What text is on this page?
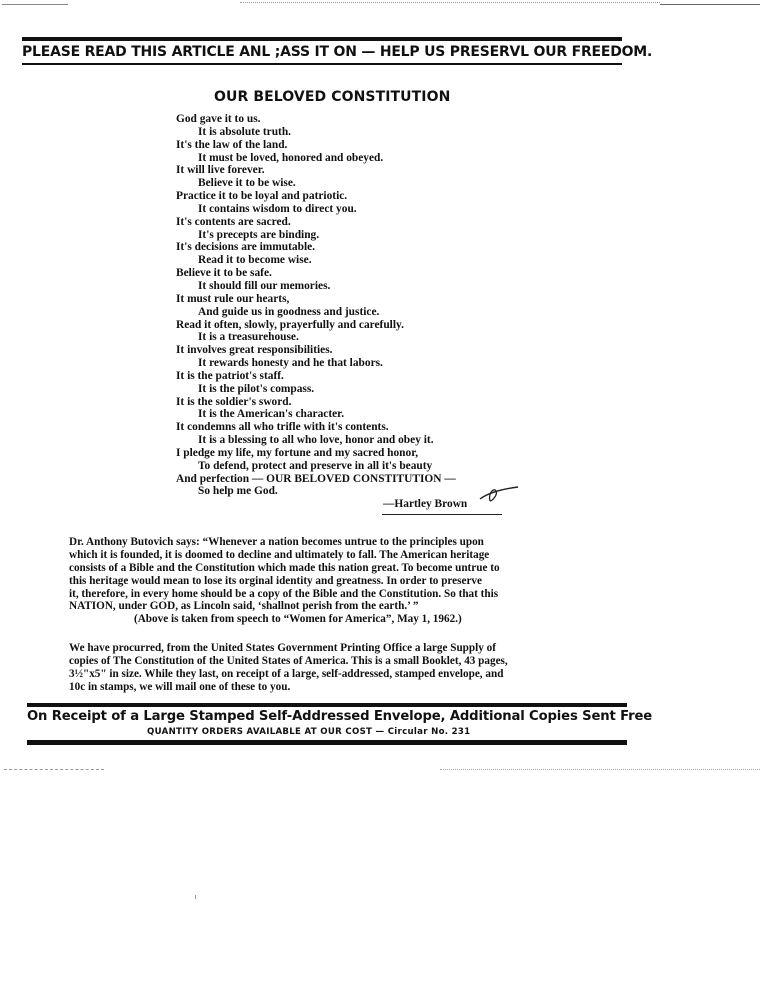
PLEASE READ THIS ARTICLE ANL ;ASS IT ON — HELP US PRESERVL OUR FREEDOM.
OUR BELOVED CONSTITUTION
God gave it to us.
It is absolute truth.
It's the law of the land.
It must be loved, honored and obeyed.
It will live forever.
Believe it to be wise.
Practice it to be loyal and patriotic.
It contains wisdom to direct you.
It's contents are sacred.
It's precepts are binding.
It's decisions are immutable.
Read it to become wise.
Believe it to be safe.
It should fill our memories.
It must rule our hearts,
And guide us in goodness and justice.
Read it often, slowly, prayerfully and carefully.
It is a treasurehouse.
It involves great responsibilities.
It rewards honesty and he that labors.
It is the patriot's staff.
It is the pilot's compass.
It is the soldier's sword.
It is the American's character.
It condemns all who trifle with it's contents.
It is a blessing to all who love, honor and obey it.
I pledge my life, my fortune and my sacred honor,
To defend, protect and preserve in all it's beauty
And perfection — OUR BELOVED CONSTITUTION —
So help me God.
—Hartley Brown
Dr. Anthony Butovich says: “Whenever a nation becomes untrue to the principles upon
which it is founded, it is doomed to decline and ultimately to fall. The American heritage
consists of a Bible and the Constitution which made this nation great. To become untrue to
this heritage would mean to lose its orginal identity and greatness. In order to preserve
it, therefore, in every home should be a copy of the Bible and the Constitution. So that this
NATION, under GOD, as Lincoln said, ‘shallnot perish from the earth.’ ”
(Above is taken from speech to “Women for America”, May 1, 1962.)
We have procurred, from the United States Government Printing Office a large Supply of
copies of The Constitution of the United States of America. This is a small Booklet, 43 pages,
3½"x5" in size. While they last, on receipt of a large, self-addressed, stamped envelope, and
10c in stamps, we will mail one of these to you.
On Receipt of a Large Stamped Self-Addressed Envelope, Additional Copies Sent Free
QUANTITY ORDERS AVAILABLE AT OUR COST — Circular No. 231
